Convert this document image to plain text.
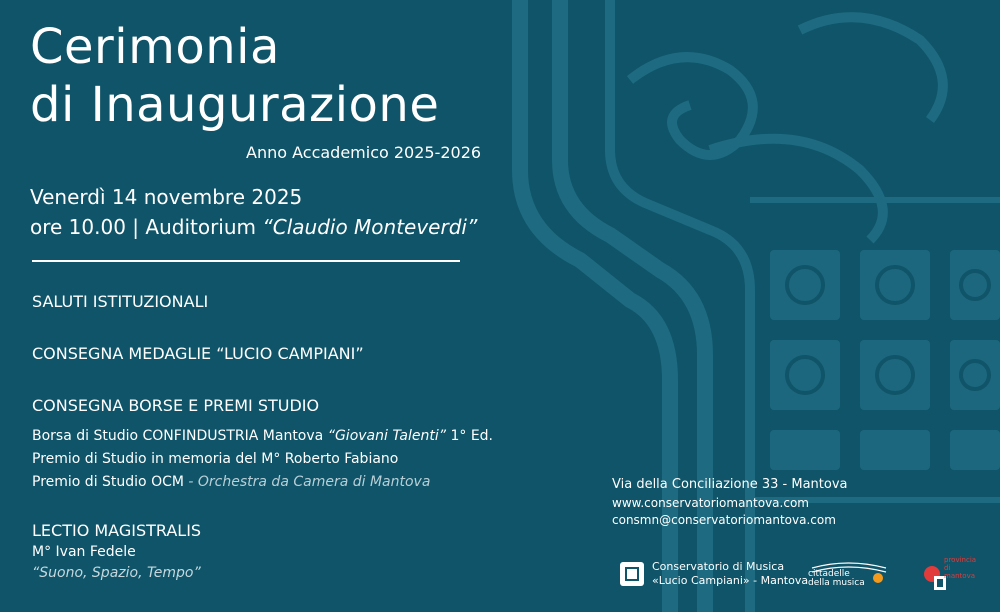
Cerimonia
di Inaugurazione
Anno Accademico 2025-2026
Venerdì 14 novembre 2025
ore 10.00 | Auditorium “Claudio Monteverdi”
SALUTI ISTITUZIONALI
CONSEGNA MEDAGLIE “LUCIO CAMPIANI”
CONSEGNA BORSE E PREMI STUDIO
Borsa di Studio CONFINDUSTRIA Mantova “Giovani Talenti” 1° Ed.
Premio di Studio in memoria del M° Roberto Fabiano
Premio di Studio OCM - Orchestra da Camera di Mantova
LECTIO MAGISTRALIS
M° Ivan Fedele
“Suono, Spazio, Tempo”
Via della Conciliazione 33 - Mantova
www.conservatoriomantova.com
consmn@conservatoriomantova.com
Conservatorio di Musica
«Lucio Campiani» - Mantova cittadelle
della musica
provincia
di mantova
